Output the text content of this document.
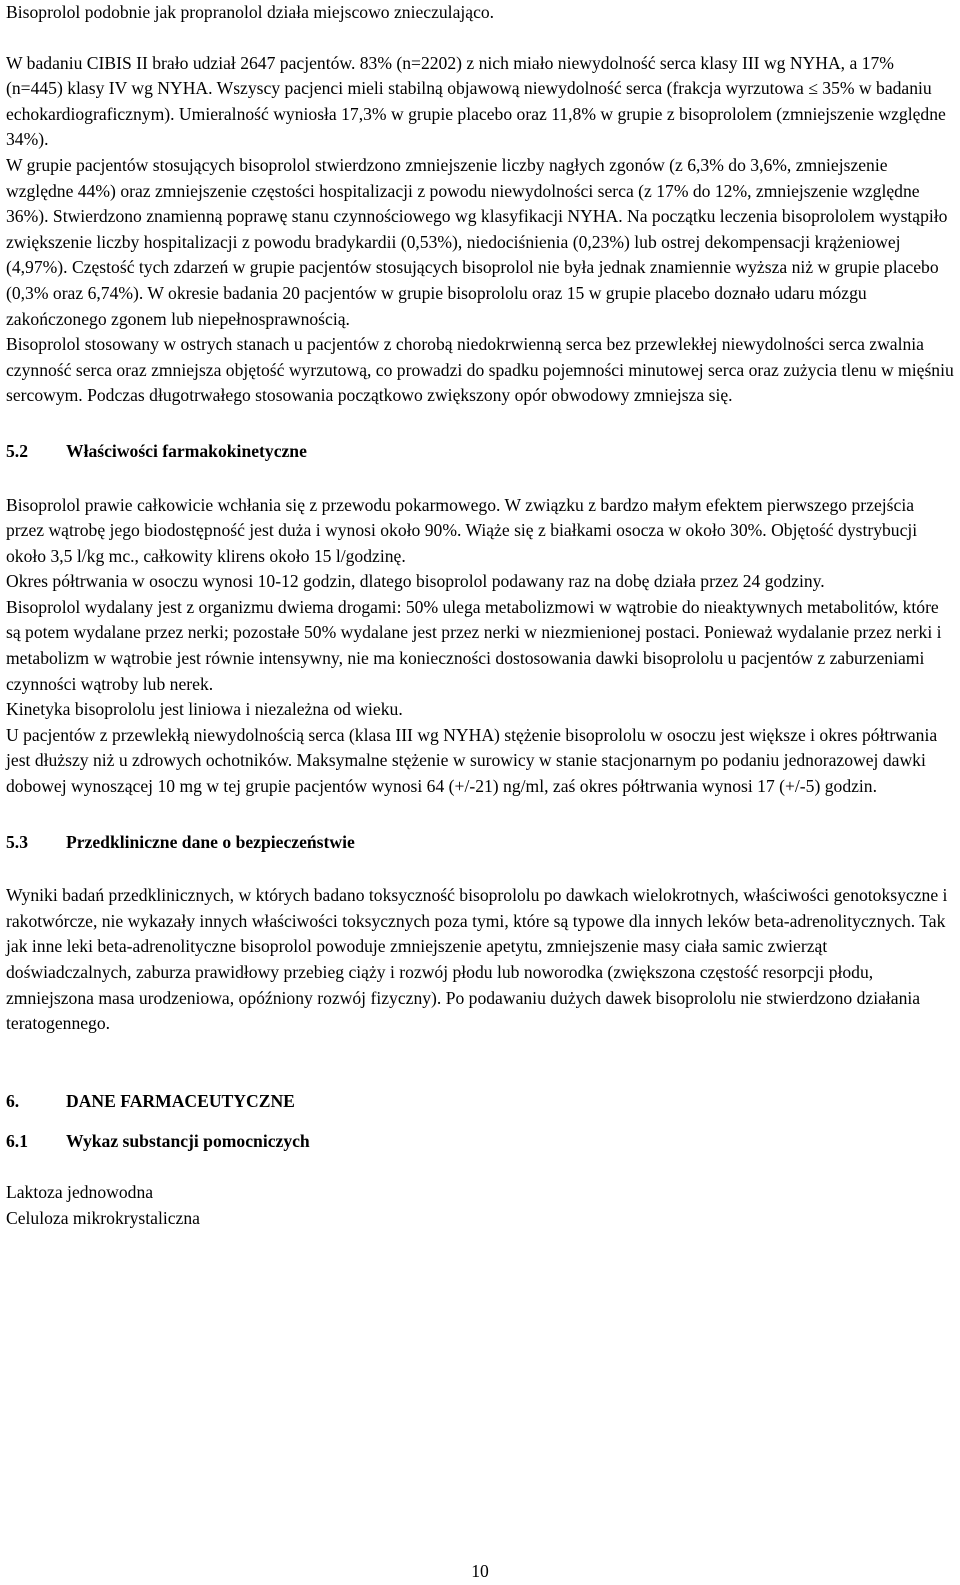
Bisoprolol podobnie jak propranolol działa miejscowo znieczulająco.

W badaniu CIBIS II brało udział 2647 pacjentów. 83% (n=2202) z nich miało niewydolność serca klasy III wg NYHA, a 17% (n=445) klasy IV wg NYHA. Wszyscy pacjenci mieli stabilną objawową niewydolność serca (frakcja wyrzutowa ≤ 35% w badaniu echokardiograficznym). Umieralność wyniosła 17,3% w grupie placebo oraz 11,8% w grupie z bisoprololem (zmniejszenie względne 34%).

W grupie pacjentów stosujących bisoprolol stwierdzono zmniejszenie liczby nagłych zgonów (z 6,3% do 3,6%, zmniejszenie względne 44%) oraz zmniejszenie częstości hospitalizacji z powodu niewydolności serca (z 17% do 12%, zmniejszenie względne 36%). Stwierdzono znamienną poprawę stanu czynnościowego wg klasyfikacji NYHA. Na początku leczenia bisoprololem wystąpiło zwiększenie liczby hospitalizacji z powodu bradykardii (0,53%), niedociśnienia (0,23%) lub ostrej dekompensacji krążeniowej (4,97%). Częstość tych zdarzeń w grupie pacjentów stosujących bisoprolol nie była jednak znamiennie wyższa niż w grupie placebo (0,3% oraz 6,74%). W okresie badania 20 pacjentów w grupie bisoprololu oraz 15 w grupie placebo doznało udaru mózgu zakończonego zgonem lub niepełnosprawnością.

Bisoprolol stosowany w ostrych stanach u pacjentów z chorobą niedokrwienną serca bez przewlekłej niewydolności serca zwalnia czynność serca oraz zmniejsza objętość wyrzutową, co prowadzi do spadku pojemności minutowej serca oraz zużycia tlenu w mięśniu sercowym. Podczas długotrwałego stosowania początkowo zwiększony opór obwodowy zmniejsza się.

5.2	Właściwości farmakokinetyczne

Bisoprolol prawie całkowicie wchłania się z przewodu pokarmowego. W związku z bardzo małym efektem pierwszego przejścia przez wątrobę jego biodostępność jest duża i wynosi około 90%. Wiąże się z białkami osocza w około 30%. Objętość dystrybucji około 3,5 l/kg mc., całkowity klirens około 15 l/godzinę.

Okres półtrwania w osoczu wynosi 10-12 godzin, dlatego bisoprolol podawany raz na dobę działa przez 24 godziny.

Bisoprolol wydalany jest z organizmu dwiema drogami: 50% ulega metabolizmowi w wątrobie do nieaktywnych metabolitów, które są potem wydalane przez nerki; pozostałe 50% wydalane jest przez nerki w niezmienionej postaci. Ponieważ wydalanie przez nerki i metabolizm w wątrobie jest równie intensywny, nie ma konieczności dostosowania dawki bisoprololu u pacjentów z zaburzeniami czynności wątroby lub nerek.

Kinetyka bisoprololu jest liniowa i niezależna od wieku.

U pacjentów z przewlekłą niewydolnością serca (klasa III wg NYHA) stężenie bisoprololu w osoczu jest większe i okres półtrwania jest dłuższy niż u zdrowych ochotników. Maksymalne stężenie w surowicy w stanie stacjonarnym po podaniu jednorazowej dawki dobowej wynoszącej 10 mg w tej grupie pacjentów wynosi 64 (+/-21) ng/ml, zaś okres półtrwania wynosi 17 (+/-5) godzin.

5.3	Przedkliniczne dane o bezpieczeństwie

Wyniki badań przedklinicznych, w których badano toksyczność bisoprololu po dawkach wielokrotnych, właściwości genotoksyczne i rakotwórcze, nie wykazały innych właściwości toksycznych poza tymi, które są typowe dla innych leków beta-adrenolitycznych. Tak jak inne leki beta-adrenolityczne bisoprolol powoduje zmniejszenie apetytu, zmniejszenie masy ciała samic zwierząt doświadczalnych, zaburza prawidłowy przebieg ciąży i rozwój płodu lub noworodka (zwiększona częstość resorpcji płodu, zmniejszona masa urodzeniowa, opóźniony rozwój fizyczny). Po podawaniu dużych dawek bisoprololu nie stwierdzono działania teratogennego.

6.	DANE FARMACEUTYCZNE
6.1	Wykaz substancji pomocniczych

Laktoza jednowodna

Celuloza mikrokrystaliczna

10
